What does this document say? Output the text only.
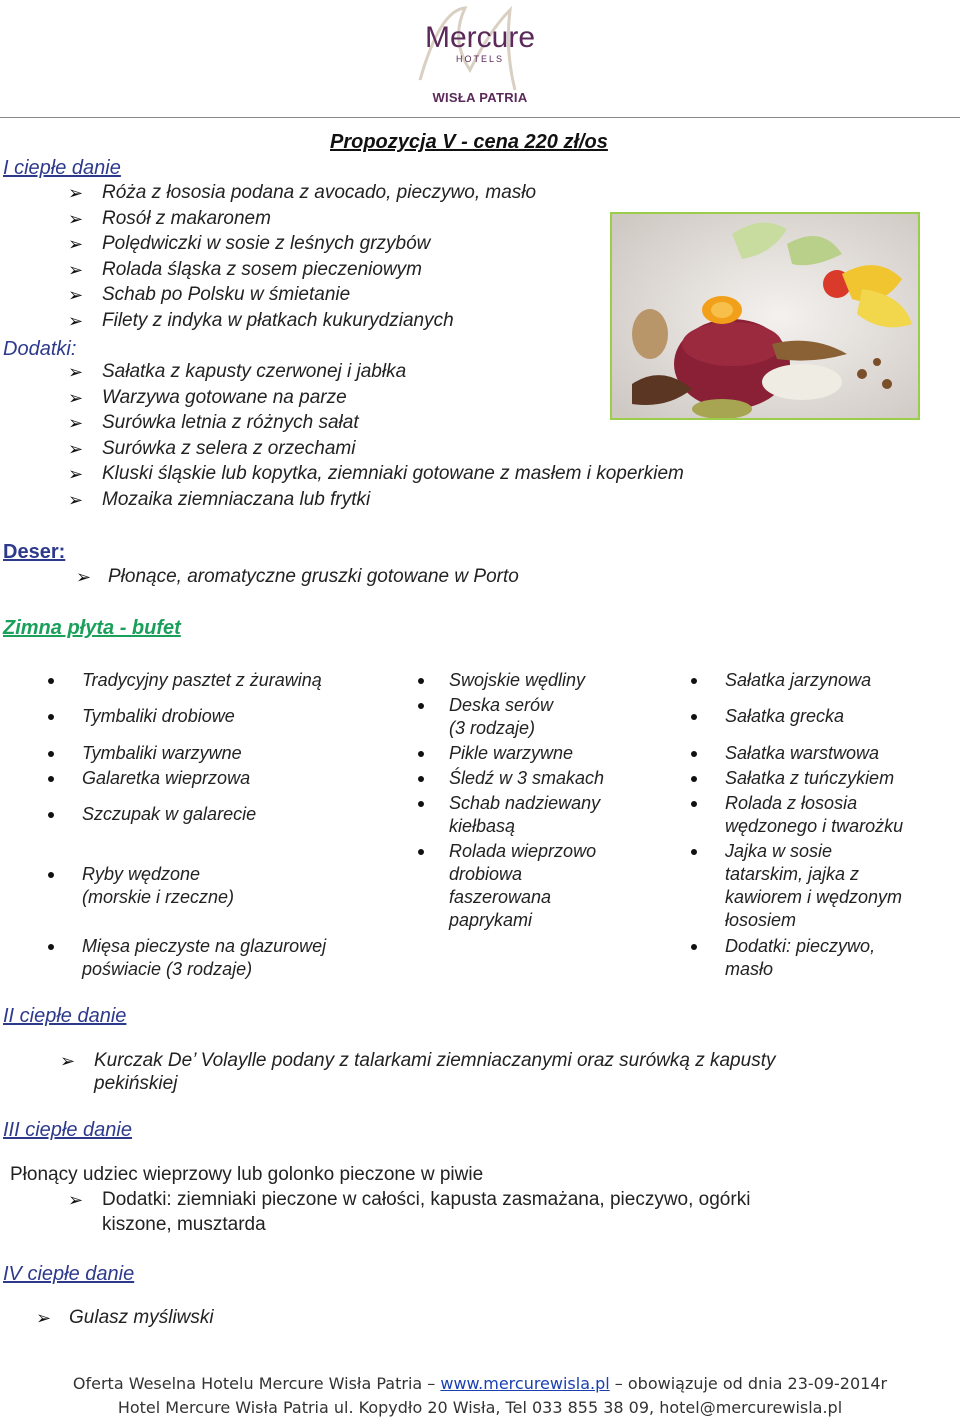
Mercure
HOTELS
WISŁA PATRIA
Propozycja V - cena 220 zł/os
I ciepłe danie
➢ Róża z łososia podana z avocado, pieczywo, masło
➢ Rosół z makaronem
➢ Polędwiczki w sosie z leśnych grzybów
➢ Rolada śląska z sosem pieczeniowym
➢ Schab po Polsku w śmietanie
➢ Filety z indyka w płatkach kukurydzianych
Dodatki:
➢ Sałatka z kapusty czerwonej i jabłka
➢ Warzywa gotowane na parze
➢ Surówka letnia z różnych sałat
➢ Surówka z selera z orzechami
➢ Kluski śląskie lub kopytka, ziemniaki gotowane z masłem i koperkiem
➢ Mozaika ziemniaczana lub frytki
Deser:
➢ Płonące, aromatyczne gruszki gotowane w Porto
Zimna płyta - bufet
Tradycyjny pasztet z żurawiną
Tymbaliki drobiowe
Tymbaliki warzywne
Galaretka wieprzowa
Szczupak w galarecie
Ryby wędzone
(morskie i rzeczne)
Mięsa pieczyste na glazurowej
poświacie (3 rodzaje)
Swojskie wędliny
Deska serów
(3 rodzaje)
Pikle warzywne
Śledź w 3 smakach
Schab nadziewany
kiełbasą
Rolada wieprzowo
drobiowa
faszerowana
paprykami
Sałatka jarzynowa
Sałatka grecka
Sałatka warstwowa
Sałatka z tuńczykiem
Rolada z łososia
wędzonego i twarożku
Jajka w sosie
tatarskim, jajka z
kawiorem i wędzonym
łososiem
Dodatki: pieczywo,
masło
II ciepłe danie
➢ Kurczak De’ Volaylle podany z talarkami ziemniaczanymi oraz surówką z kapusty
pekińskiej
III ciepłe danie
Płonący udziec wieprzowy lub golonko pieczone w piwie
➢ Dodatki: ziemniaki pieczone w całości, kapusta zasmażana, pieczywo, ogórki
kiszone, musztarda
IV ciepłe danie
➢ Gulasz myśliwski
Oferta Weselna Hotelu Mercure Wisła Patria – www.mercurewisla.pl – obowiązuje od dnia 23-09-2014r
Hotel Mercure Wisła Patria ul. Kopydło 20 Wisła, Tel 033 855 38 09, hotel@mercurewisla.pl
